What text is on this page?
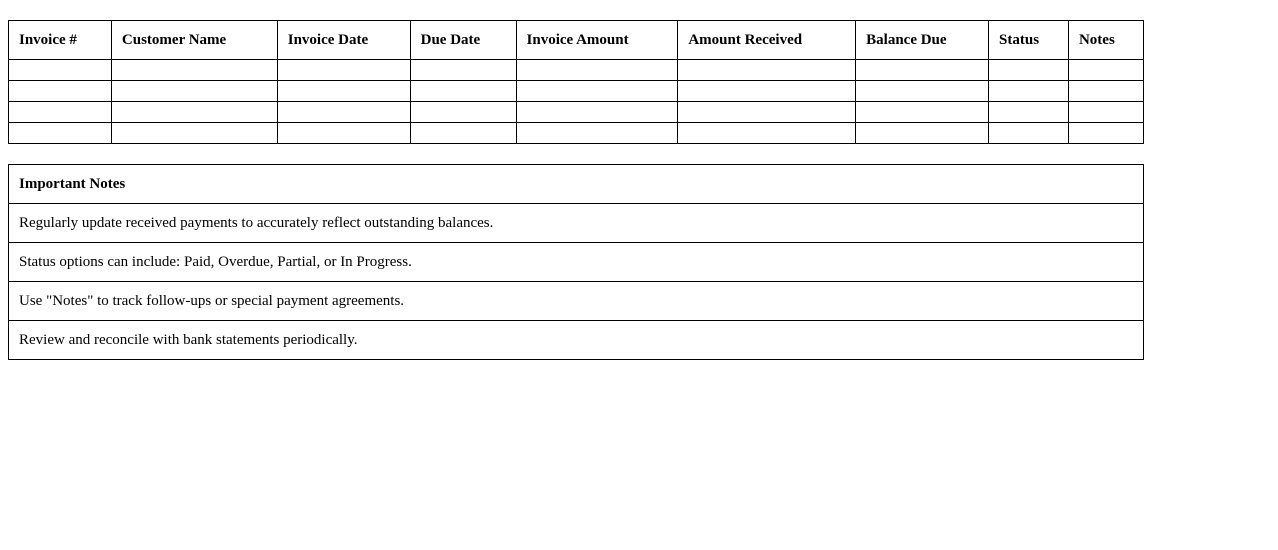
Invoice #	Customer Name	Invoice Date	Due Date	Invoice Amount	Amount Received	Balance Due	Status	Notes

Important Notes
Regularly update received payments to accurately reflect outstanding balances.
Status options can include: Paid, Overdue, Partial, or In Progress.
Use "Notes" to track follow-ups or special payment agreements.
Review and reconcile with bank statements periodically.
